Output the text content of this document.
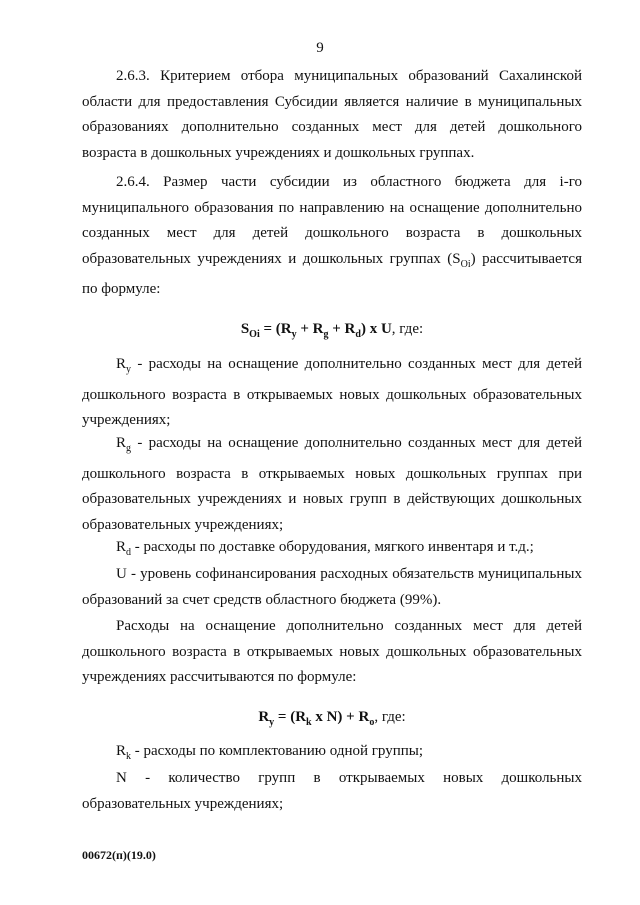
9

2.6.3. Критерием отбора муниципальных образований Сахалинской области для предоставления Субсидии является наличие в муниципальных образованиях дополнительно созданных мест для детей дошкольного возраста в дошкольных учреждениях и дошкольных группах.

2.6.4. Размер части субсидии из областного бюджета для i-го муниципального образования по направлению на оснащение дополнительно созданных мест для детей дошкольного возраста в дошкольных образовательных учреждениях и дошкольных группах $(S_{Oi})$ рассчитывается по формуле:

$S_{Oi} = (R_y + R_g + R_d)$ x U, где:

$R_y$ - расходы на оснащение дополнительно созданных мест для детей дошкольного возраста в открываемых новых дошкольных образовательных учреждениях;

$R_g$ - расходы на оснащение дополнительно созданных мест для детей дошкольного возраста в открываемых новых дошкольных группах при образовательных учреждениях и новых групп в действующих дошкольных образовательных учреждениях;

$R_d$ - расходы по доставке оборудования, мягкого инвентаря и т.д.;

U - уровень софинансирования расходных обязательств муниципальных образований за счет средств областного бюджета (99%).

Расходы на оснащение дополнительно созданных мест для детей дошкольного возраста в открываемых новых дошкольных образовательных учреждениях рассчитываются по формуле:

$R_y = (R_k$ x $N) + R_o$, где:

$R_k$ - расходы по комплектованию одной группы;

N - количество групп в открываемых новых дошкольных образовательных учреждениях;

00672(п)(19.0)
